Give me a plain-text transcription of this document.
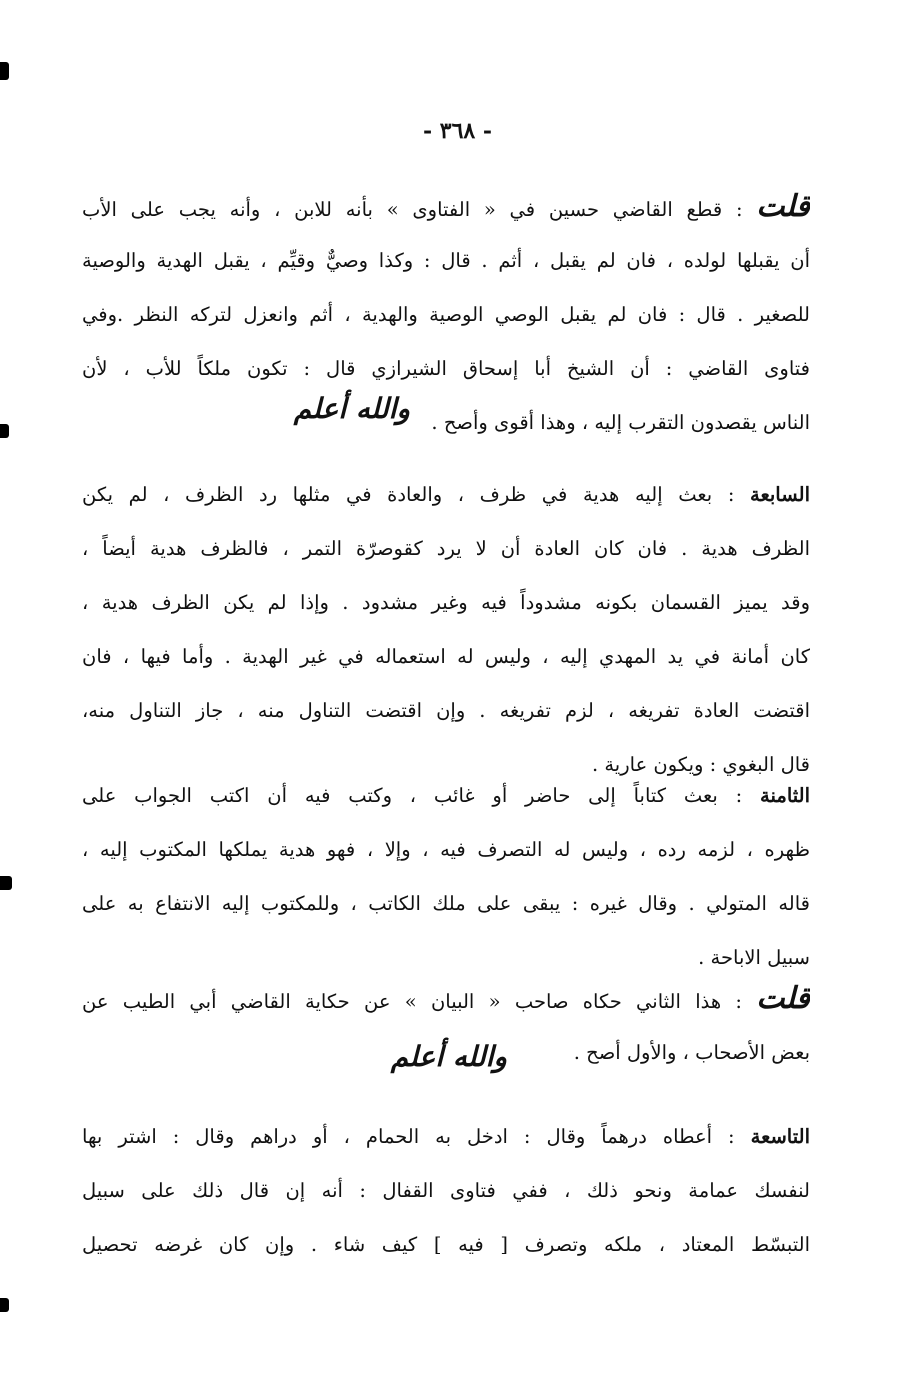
- ٣٦٨ -
قلت : قطع القاضي حسين في « الفتاوى » بأنه للابن ، وأنه يجب على الأب
أن يقبلها لولده ، فان لم يقبل ، أثم . قال : وكذا وصيٌّ وقيِّم ، يقبل الهدية والوصية
للصغير . قال : فان لم يقبل الوصي الوصية والهدية ، أثم وانعزل لتركه النظر .وفي
فتاوى القاضي : أن الشيخ أبا إسحاق الشيرازي قال : تكون ملكاً للأب ، لأن
الناس يقصدون التقرب إليه ، وهذا أقوى وأصح .
والله أعلم
السابعة : بعث إليه هدية في ظرف ، والعادة في مثلها رد الظرف ، لم يكن
الظرف هدية . فان كان العادة أن لا يرد كقوصرّة التمر ، فالظرف هدية أيضاً ،
وقد يميز القسمان بكونه مشدوداً فيه وغير مشدود . وإذا لم يكن الظرف هدية ،
كان أمانة في يد المهدي إليه ، وليس له استعماله في غير الهدية . وأما فيها ، فان
اقتضت العادة تفريغه ، لزم تفريغه . وإن اقتضت التناول منه ، جاز التناول منه،
قال البغوي : ويكون عارية .
الثامنة : بعث كتاباً إلى حاضر أو غائب ، وكتب فيه أن اكتب الجواب على
ظهره ، لزمه رده ، وليس له التصرف فيه ، وإلا ، فهو هدية يملكها المكتوب إليه ،
قاله المتولي . وقال غيره : يبقى على ملك الكاتب ، وللمكتوب إليه الانتفاع به على
سبيل الاباحة .
قلت : هذا الثاني حكاه صاحب « البيان » عن حكاية القاضي أبي الطيب عن
بعض الأصحاب ، والأول أصح .
والله أعلم
التاسعة : أعطاه درهماً وقال : ادخل به الحمام ، أو دراهم وقال : اشتر بها
لنفسك عمامة ونحو ذلك ، ففي فتاوى القفال : أنه إن قال ذلك على سبيل
التبسّط المعتاد ، ملكه وتصرف [ فيه ] كيف شاء . وإن كان غرضه تحصيل
